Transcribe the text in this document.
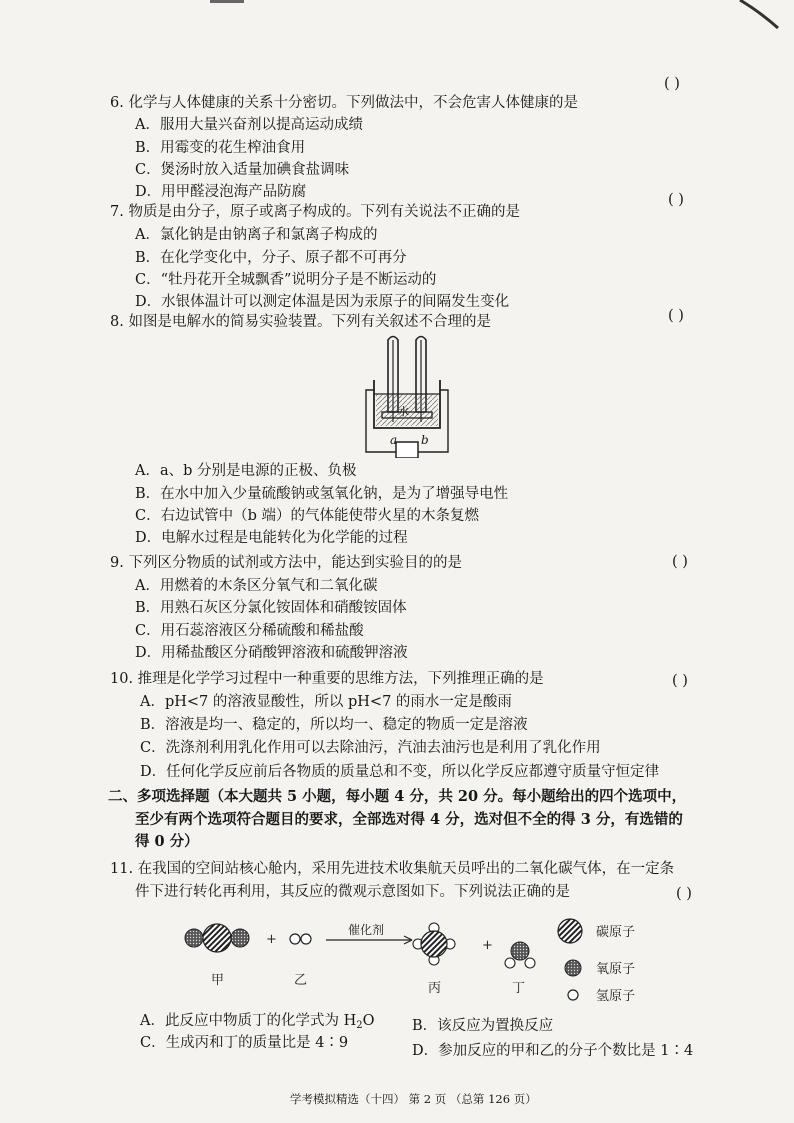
6. 化学与人体健康的关系十分密切。下列做法中，不会危害人体健康的是
( )
A．服用大量兴奋剂以提高运动成绩
B．用霉变的花生榨油食用
C．煲汤时放入适量加碘食盐调味
D．用甲醛浸泡海产品防腐
7. 物质是由分子，原子或离子构成的。下列有关说法不正确的是
( )
A．氯化钠是由钠离子和氯离子构成的
B．在化学变化中，分子、原子都不可再分
C．“牡丹花开全城飘香”说明分子是不断运动的
D．水银体温计可以测定体温是因为汞原子的间隔发生变化
8. 如图是电解水的简易实验装置。下列有关叙述不合理的是	( )
水
a b
A．a、b 分别是电源的正极、负极
B．在水中加入少量硫酸钠或氢氧化钠，是为了增强导电性
C．右边试管中（b 端）的气体能使带火星的木条复燃
D．电解水过程是电能转化为化学能的过程
9. 下列区分物质的试剂或方法中，能达到实验目的的是	( )
A．用燃着的木条区分氧气和二氧化碳
B．用熟石灰区分氯化铵固体和硝酸铵固体
C．用石蕊溶液区分稀硫酸和稀盐酸
D．用稀盐酸区分硝酸钾溶液和硫酸钾溶液
10. 推理是化学学习过程中一种重要的思维方法，下列推理正确的是	( )
A．pH<7 的溶液显酸性，所以 pH<7 的雨水一定是酸雨
B．溶液是均一、稳定的，所以均一、稳定的物质一定是溶液
C．洗涤剂利用乳化作用可以去除油污，汽油去油污也是利用了乳化作用
D．任何化学反应前后各物质的质量总和不变，所以化学反应都遵守质量守恒定律
二、多项选择题（本大题共 5 小题，每小题 4 分，共 20 分。每小题给出的四个选项中，
至少有两个选项符合题目的要求，全部选对得 4 分，选对但不全的得 3 分，有选错的
得 0 分）
11. 在我国的空间站核心舱内，采用先进技术收集航天员呼出的二氧化碳气体，在一定条
件下进行转化再利用，其反应的微观示意图如下。下列说法正确的是	( )
+
催化剂
+
碳原子
氧原子
氢原子
甲	乙
丙	丁
A．此反应中物质丁的化学式为 $H_2O$	B．该反应为置换反应
C．生成丙和丁的质量比是 4∶9	D．参加反应的甲和乙的分子个数比是 1∶4
学考模拟精选（十四） 第 2 页 （总第 126 页）
